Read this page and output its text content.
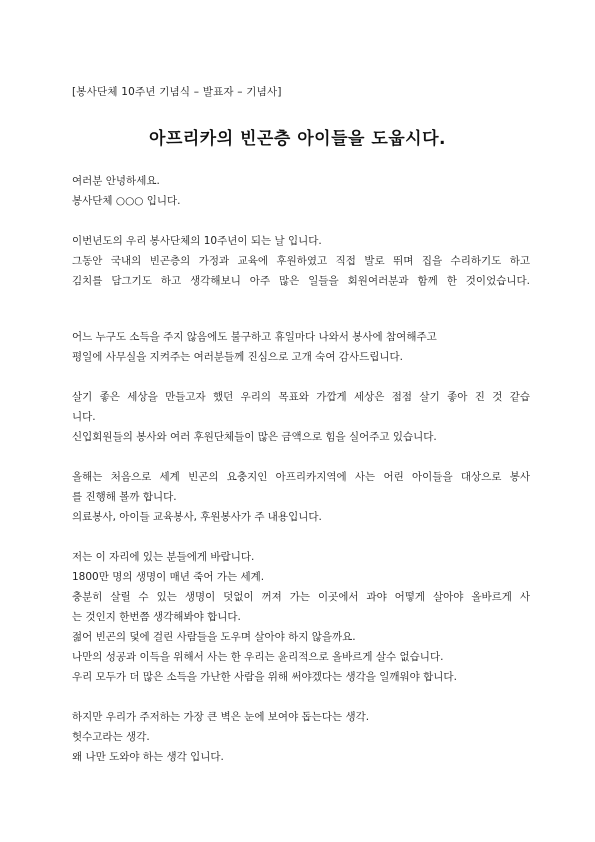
[봉사단체 10주년 기념식 – 발표자 – 기념사]
아프리카의 빈곤층 아이들을 도웁시다.
여러분 안녕하세요.
봉사단체 ○○○ 입니다.
이번년도의 우리 봉사단체의 10주년이 되는 날 입니다.
그동안 국내의 빈곤층의 가정과 교육에 후원하였고 직접 발로 뛰며 집을 수리하기도 하고
김치를 담그기도 하고 생각해보니 아주 많은 일들을 회원여러분과 함께 한 것이었습니다.
어느 누구도 소득을 주지 않음에도 불구하고 휴일마다 나와서 봉사에 참여해주고
평일에 사무실을 지켜주는 여러분들께 진심으로 고개 숙여 감사드립니다.
살기 좋은 세상을 만들고자 했던 우리의 목표와 가깝게 세상은 점점 살기 좋아 진 것 같습
니다.
신입회원들의 봉사와 여러 후원단체들이 많은 금액으로 힘을 실어주고 있습니다.
올해는 처음으로 세계 빈곤의 요충지인 아프리카지역에 사는 어린 아이들을 대상으로 봉사
를 진행해 볼까 합니다.
의료봉사, 아이들 교육봉사, 후원봉사가 주 내용입니다.
저는 이 자리에 있는 분들에게 바랍니다.
1800만 명의 생명이 매년 죽어 가는 세계.
충분히 살릴 수 있는 생명이 덧없이 꺼져 가는 이곳에서 과야 어떻게 살아야 올바르게 사
는 것인지 한번쯤 생각해봐야 합니다.
젊어 빈곤의 덫에 걸린 사람들을 도우며 살아야 하지 않을까요.
나만의 성공과 이득을 위해서 사는 한 우리는 윤리적으로 올바르게 살수 없습니다.
우리 모두가 더 많은 소득을 가난한 사람을 위해 써야겠다는 생각을 일깨워야 합니다.
하지만 우리가 주저하는 가장 큰 벽은 눈에 보여야 돕는다는 생각.
헛수고라는 생각.
왜 나만 도와야 하는 생각 입니다.
